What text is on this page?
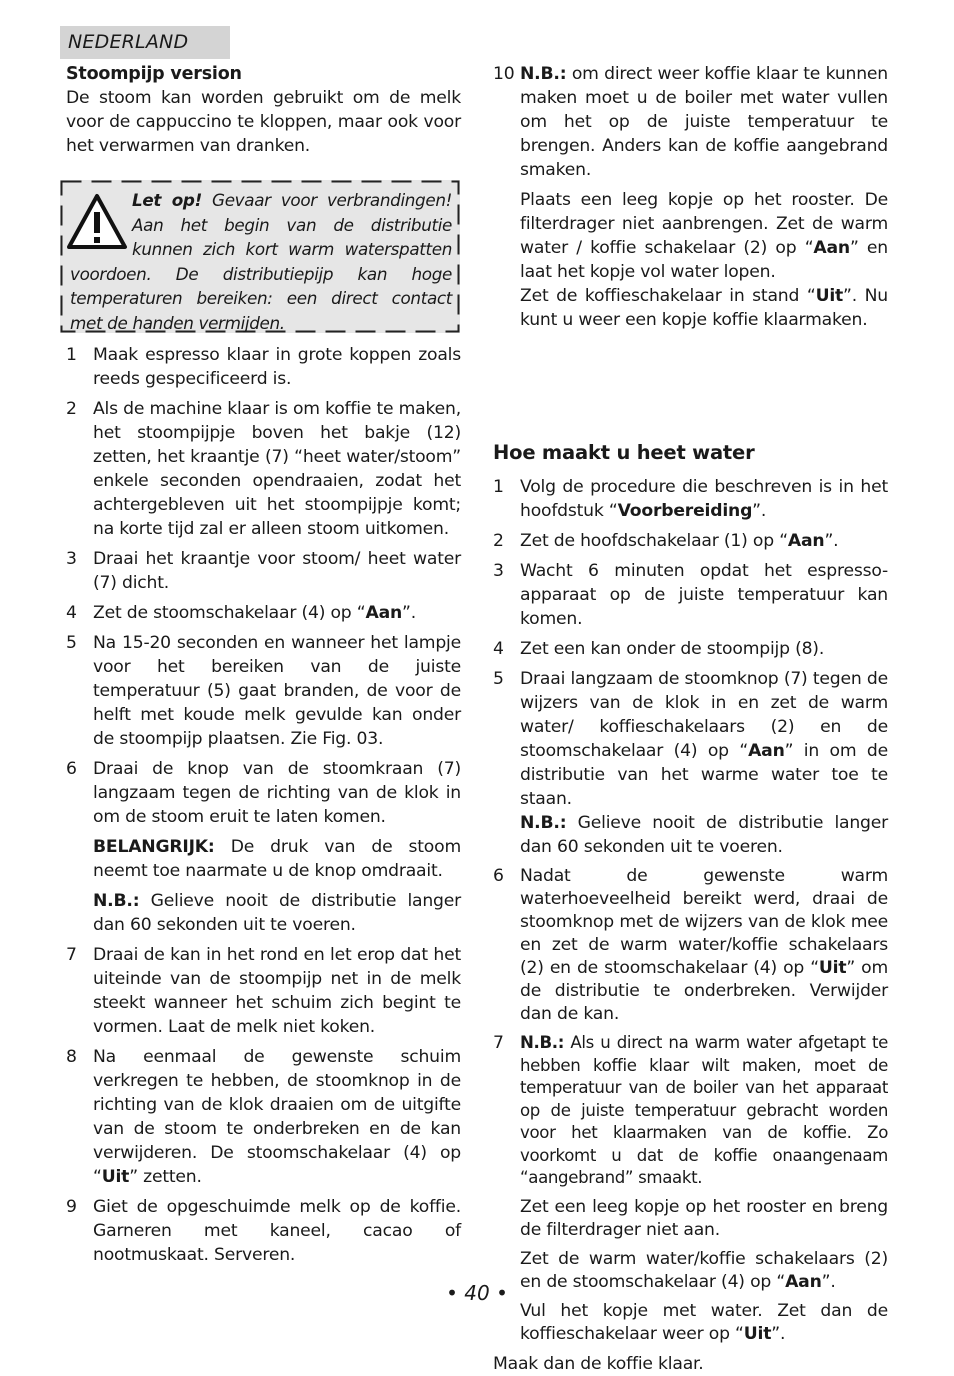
NEDERLAND
Stoompijp version

De stoom kan worden gebruikt om de melk voor de cappuccino te kloppen, maar ook voor het verwarmen van dranken.

Let op! Gevaar voor verbrandingen! Aan het begin van de distributie kunnen zich kort warm waterspatten voordoen. De distributiepijp kan hoge temperaturen bereiken: een direct contact met de handen vermijden.
1 Maak espresso klaar in grote koppen zoals reeds gespecificeerd is.

2 Als de machine klaar is om koffie te maken, het stoompijpje boven het bakje (12) zetten, het kraantje (7) “heet water/stoom” enkele seconden opendraaien, zodat het achtergebleven uit het stoompijpje komt; na korte tijd zal er alleen stoom uitkomen.

3 Draai het kraantje voor stoom/ heet water (7) dicht.

4 Zet de stoomschakelaar (4) op “Aan”.

5 Na 15-20 seconden en wanneer het lampje voor het bereiken van de juiste temperatuur (5) gaat branden, de voor de helft met koude melk gevulde kan onder de stoompijp plaatsen. Zie Fig. 03.

6 Draai de knop van de stoomkraan (7) langzaam tegen de richting van de klok in om de stoom eruit te laten komen.

BELANGRIJK: De druk van de stoom neemt toe naarmate u de knop omdraait.

N.B.: Gelieve nooit de distributie langer dan 60 sekonden uit te voeren.

7 Draai de kan in het rond en let erop dat het uiteinde van de stoompijp net in de melk steekt wanneer het schuim zich begint te vormen. Laat de melk niet koken.

8 Na eenmaal de gewenste schuim verkregen te hebben, de stoomknop in de richting van de klok draaien om de uitgifte van de stoom te onderbreken en de kan verwijderen. De stoomschakelaar (4) op “Uit” zetten.

9 Giet de opgeschuimde melk op de koffie. Garneren met kaneel, cacao of nootmuskaat. Serveren.

10 N.B.: om direct weer koffie klaar te kunnen maken moet u de boiler met water vullen om het op de juiste temperatuur te brengen. Anders kan de koffie aangebrand smaken.

Plaats een leeg kopje op het rooster. De filterdrager niet aanbrengen. Zet de warm water / koffie schakelaar (2) op “Aan” en laat het kopje vol water lopen.

Zet de koffieschakelaar in stand “Uit”. Nu kunt u weer een kopje koffie klaarmaken.

Hoe maakt u heet water
1 Volg de procedure die beschreven is in het hoofdstuk “Voorbereiding”.

2 Zet de hoofdschakelaar (1) op “Aan”.

3 Wacht 6 minuten opdat het espresso-apparaat op de juiste temperatuur kan komen.

4 Zet een kan onder de stoompijp (8).

5 Draai langzaam de stoomknop (7) tegen de wijzers van de klok in en zet de warm water/ koffieschakelaars (2) en de stoomschakelaar (4) op “Aan” in om de distributie van het warme water toe te staan.

N.B.: Gelieve nooit de distributie langer dan 60 sekonden uit te voeren.

6 Nadat de gewenste warm waterhoeveelheid bereikt werd, draai de stoomknop met de wijzers van de klok mee en zet de warm water/koffie schakelaars (2) en de stoomschakelaar (4) op “Uit” om de distributie te onderbreken. Verwijder dan de kan.

7 N.B.: Als u direct na warm water afgetapt te hebben koffie klaar wilt maken, moet de temperatuur van de boiler van het apparaat op de juiste temperatuur gebracht worden voor het klaarmaken van de koffie. Zo voorkomt u dat de koffie onaangenaam “aangebrand” smaakt.

Zet een leeg kopje op het rooster en breng de filterdrager niet aan.

Zet de warm water/koffie schakelaars (2) en de stoomschakelaar (4) op “Aan”.

Vul het kopje met water. Zet dan de koffieschakelaar weer op “Uit”.

Maak dan de koffie klaar.

• 40 •
